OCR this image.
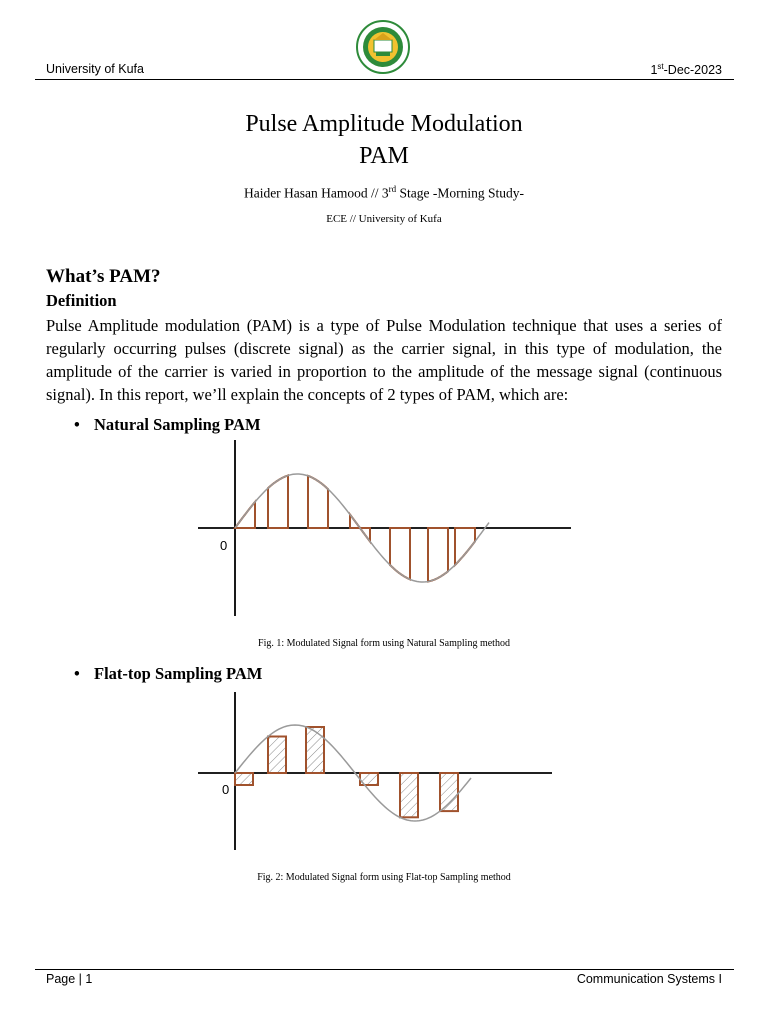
University of Kufa	1st-Dec-2023
Pulse Amplitude Modulation
PAM
Haider Hasan Hamood // 3rd Stage -Morning Study-
ECE // University of Kufa
What’s PAM?
Definition
Pulse Amplitude modulation (PAM) is a type of Pulse Modulation technique that uses a series of regularly occurring pulses (discrete signal) as the carrier signal, in this type of modulation, the amplitude of the carrier is varied in proportion to the amplitude of the message signal (continuous signal). In this report, we’ll explain the concepts of 2 types of PAM, which are:
• Natural Sampling PAM
0
Fig. 1: Modulated Signal form using Natural Sampling method
• Flat-top Sampling PAM
0
Fig. 2: Modulated Signal form using Flat-top Sampling method
Page | 1	Communication Systems I
